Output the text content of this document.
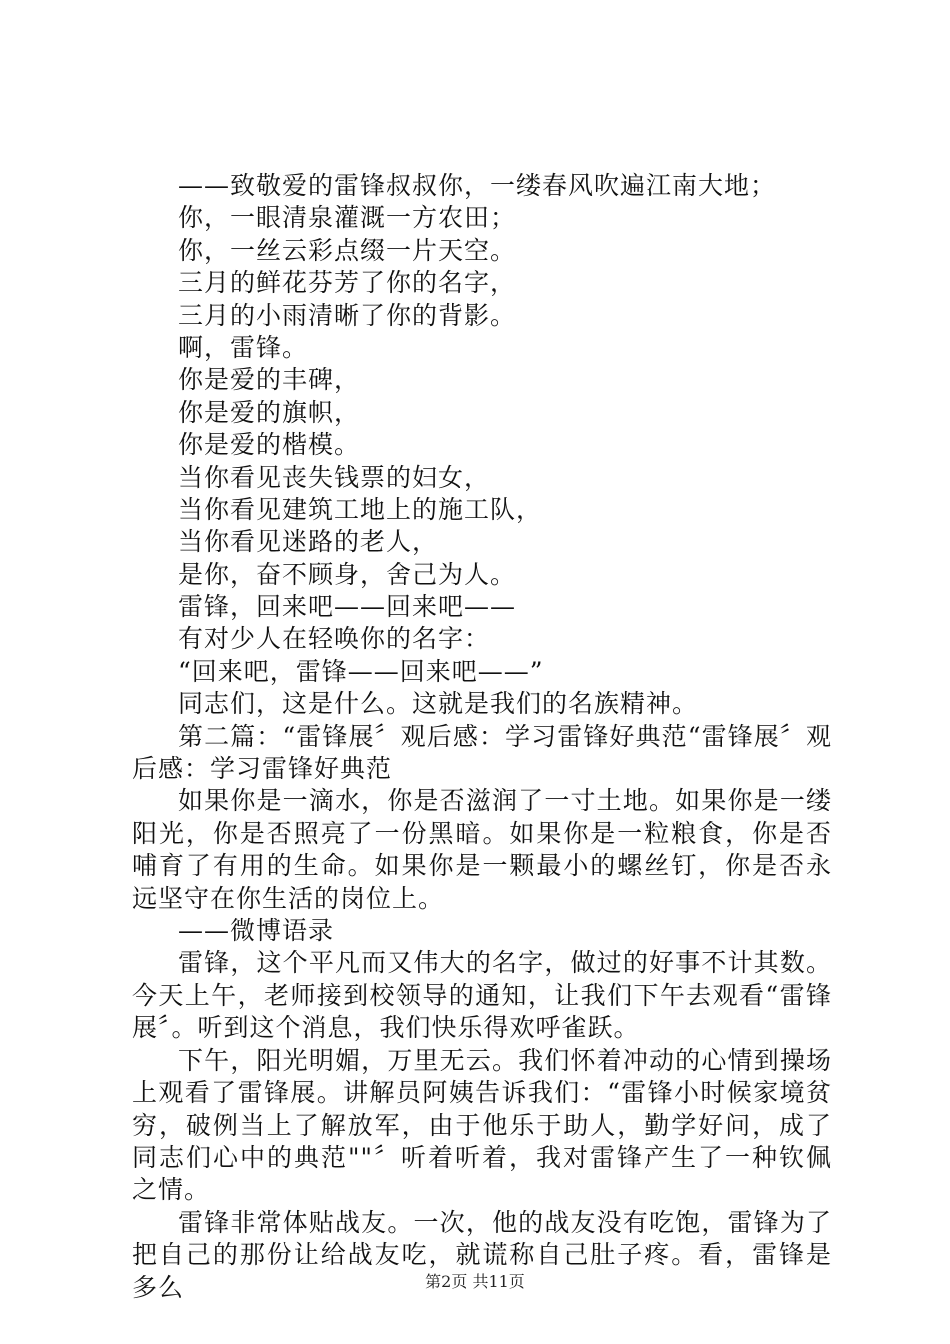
——致敬爱的雷锋叔叔你，一缕春风吹遍江南大地；
你，一眼清泉灌溉一方农田；
你，一丝云彩点缀一片天空。
三月的鲜花芬芳了你的名字，
三月的小雨清晰了你的背影。
啊，雷锋。
你是爱的丰碑，
你是爱的旗帜，
你是爱的楷模。
当你看见丧失钱票的妇女，
当你看见建筑工地上的施工队，
当你看见迷路的老人，
是你，奋不顾身，舍己为人。
雷锋，回来吧——回来吧——
有对少人在轻唤你的名字：
“回来吧，雷锋——回来吧——”
同志们，这是什么。这就是我们的名族精神。

第二篇：“雷锋展〞观后感：学习雷锋好典范“雷锋展〞观后感：学习雷锋好典范

如果你是一滴水，你是否滋润了一寸土地。如果你是一缕阳光，你是否照亮了一份黑暗。如果你是一粒粮食，你是否哺育了有用的生命。如果你是一颗最小的螺丝钉，你是否永远坚守在你生活的岗位上。

——微博语录

雷锋，这个平凡而又伟大的名字，做过的好事不计其数。今天上午，老师接到校领导的通知，让我们下午去观看“雷锋展〞。听到这个消息，我们快乐得欢呼雀跃。

下午，阳光明媚，万里无云。我们怀着冲动的心情到操场上观看了雷锋展。讲解员阿姨告诉我们：“雷锋小时候家境贫穷，破例当上了解放军，由于他乐于助人，勤学好问，成了同志们心中的典范""〞听着听着，我对雷锋产生了一种钦佩之情。

雷锋非常体贴战友。一次，他的战友没有吃饱，雷锋为了把自己的那份让给战友吃，就谎称自己肚子疼。看，雷锋是多么	第2页 共11页
